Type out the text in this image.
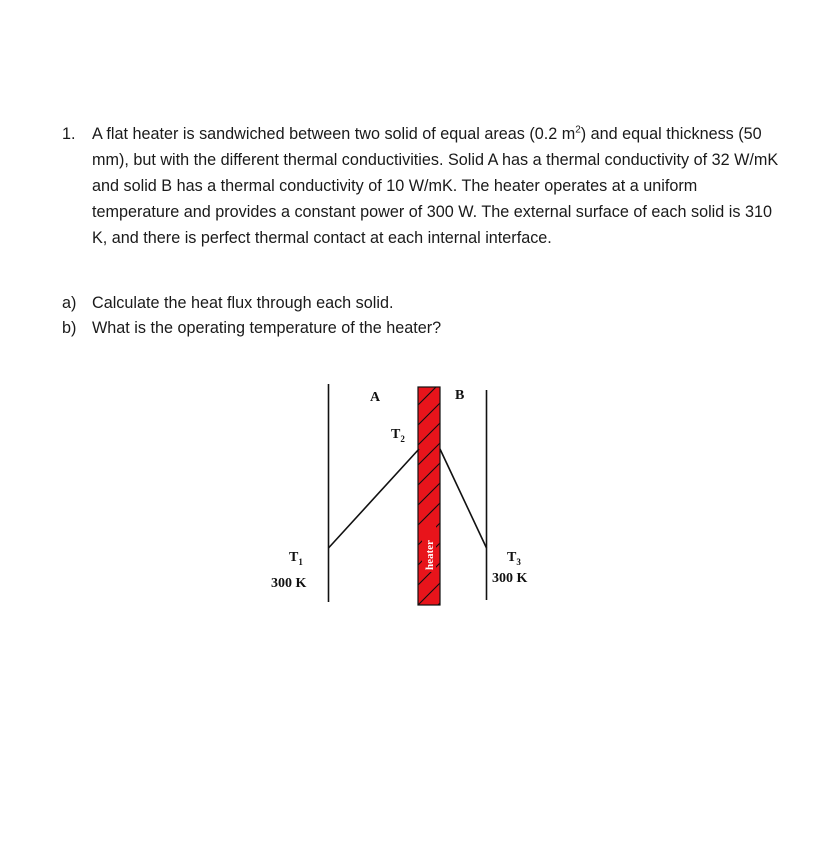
1. A flat heater is sandwiched between two solid of equal areas (0.2 $m^2$) and equal thickness (50 mm), but with the different thermal conductivities. Solid A has a thermal conductivity of 32 W/mK and solid B has a thermal conductivity of 10 W/mK. The heater operates at a uniform temperature and provides a constant power of 300 W. The external surface of each solid is 310 K, and there is perfect thermal contact at each internal interface.
a) Calculate the heat flux through each solid.
b) What is the operating temperature of the heater?
heater
A	B
$T_2$
$T_1$
300 K
$T_3$
300 K
